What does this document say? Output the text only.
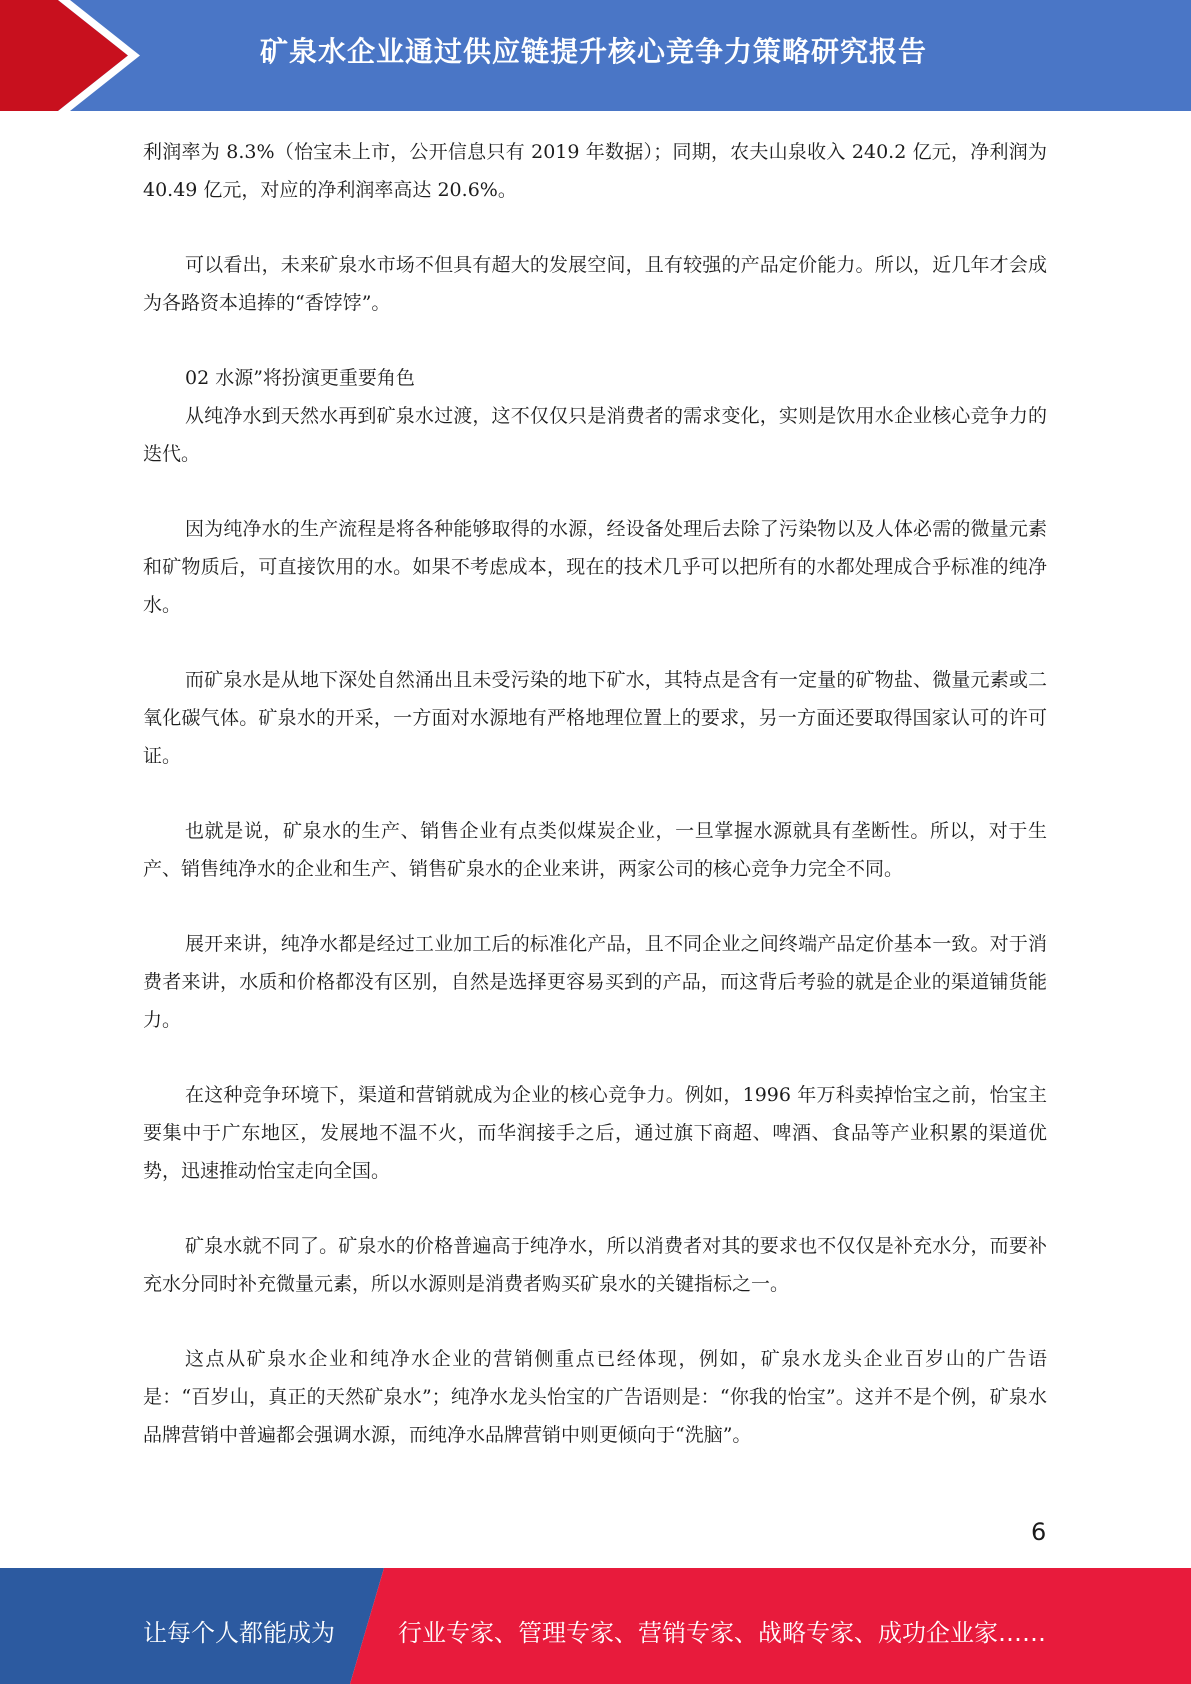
矿泉水企业通过供应链提升核心竞争力策略研究报告

利润率为 8.3%（怡宝未上市，公开信息只有 2019 年数据）；同期，农夫山泉收入 240.2 亿元，净利润为 40.49 亿元，对应的净利润率高达 20.6%。

可以看出，未来矿泉水市场不但具有超大的发展空间，且有较强的产品定价能力。所以，近几年才会成为各路资本追捧的“香饽饽”。

02 水源”将扮演更重要角色

从纯净水到天然水再到矿泉水过渡，这不仅仅只是消费者的需求变化，实则是饮用水企业核心竞争力的迭代。

因为纯净水的生产流程是将各种能够取得的水源，经设备处理后去除了污染物以及人体必需的微量元素和矿物质后，可直接饮用的水。如果不考虑成本，现在的技术几乎可以把所有的水都处理成合乎标准的纯净水。

而矿泉水是从地下深处自然涌出且未受污染的地下矿水，其特点是含有一定量的矿物盐、微量元素或二氧化碳气体。矿泉水的开采，一方面对水源地有严格地理位置上的要求，另一方面还要取得国家认可的许可证。

也就是说，矿泉水的生产、销售企业有点类似煤炭企业，一旦掌握水源就具有垄断性。所以，对于生产、销售纯净水的企业和生产、销售矿泉水的企业来讲，两家公司的核心竞争力完全不同。

展开来讲，纯净水都是经过工业加工后的标准化产品，且不同企业之间终端产品定价基本一致。对于消费者来讲，水质和价格都没有区别，自然是选择更容易买到的产品，而这背后考验的就是企业的渠道铺货能力。

在这种竞争环境下，渠道和营销就成为企业的核心竞争力。例如，1996 年万科卖掉怡宝之前，怡宝主要集中于广东地区，发展地不温不火，而华润接手之后，通过旗下商超、啤酒、食品等产业积累的渠道优势，迅速推动怡宝走向全国。

矿泉水就不同了。矿泉水的价格普遍高于纯净水，所以消费者对其的要求也不仅仅是补充水分，而要补充水分同时补充微量元素，所以水源则是消费者购买矿泉水的关键指标之一。

这点从矿泉水企业和纯净水企业的营销侧重点已经体现，例如，矿泉水龙头企业百岁山的广告语是：“百岁山，真正的天然矿泉水”；纯净水龙头怡宝的广告语则是：“你我的怡宝”。这并不是个例，矿泉水品牌营销中普遍都会强调水源，而纯净水品牌营销中则更倾向于“洗脑”。

6
让每个人都能成为	行业专家、管理专家、营销专家、战略专家、成功企业家……
